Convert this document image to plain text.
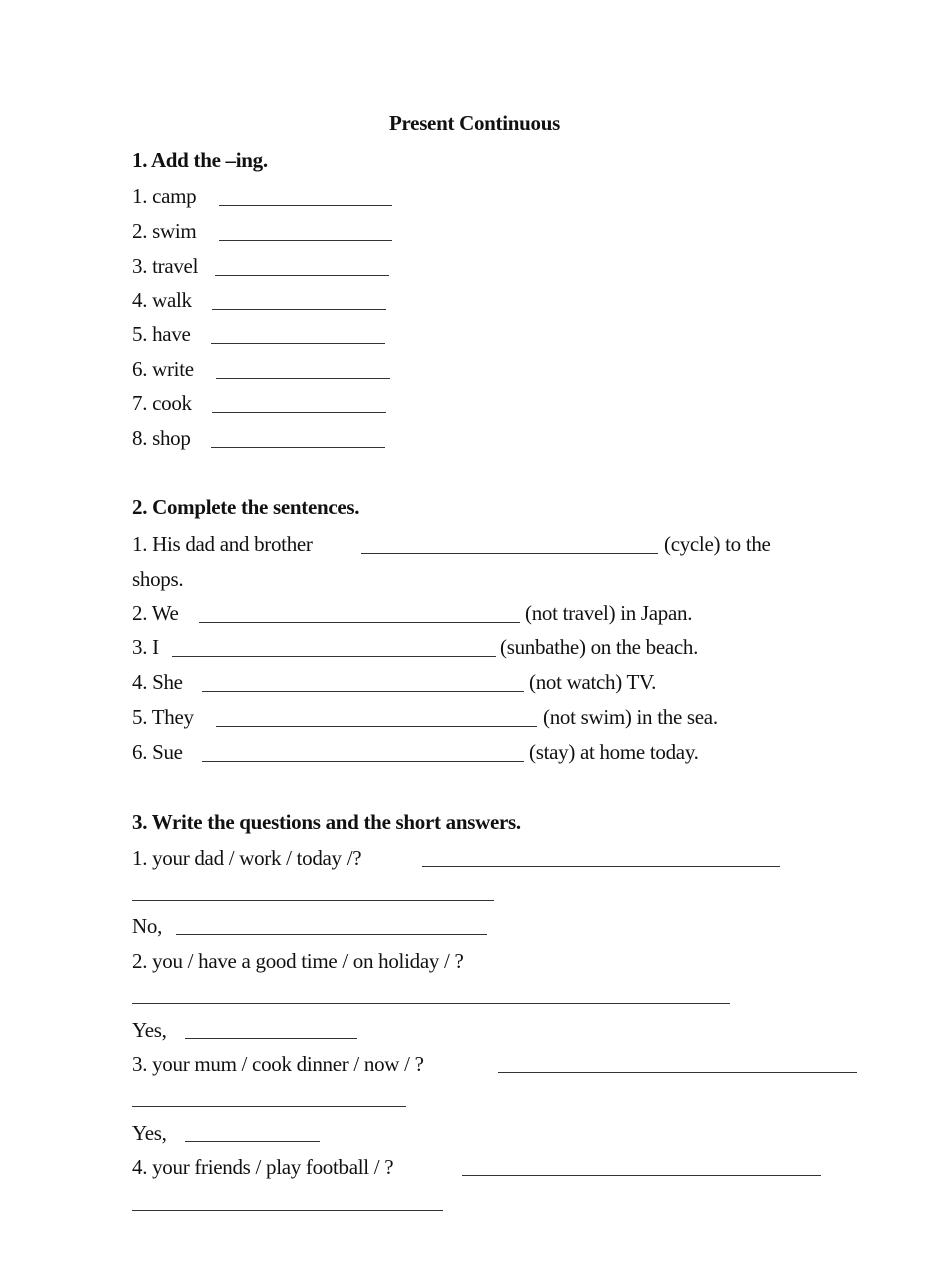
Present Continuous
1. Add the –ing.
1. camp
2. swim
3. travel
4. walk
5. have
6. write
7. cook
8. shop
2. Complete the sentences.
1. His dad and brother	(cycle) to the
shops.
2. We	(not travel) in Japan.
3. I	(sunbathe) on the beach.
4. She	(not watch) TV.
5. They	(not swim) in the sea.
6. Sue	(stay) at home today.
3. Write the questions and the short answers.
1. your dad / work / today /?
No,
2. you / have a good time / on holiday / ?
Yes,
3. your mum / cook dinner / now / ?
Yes,
4. your friends / play football / ?
